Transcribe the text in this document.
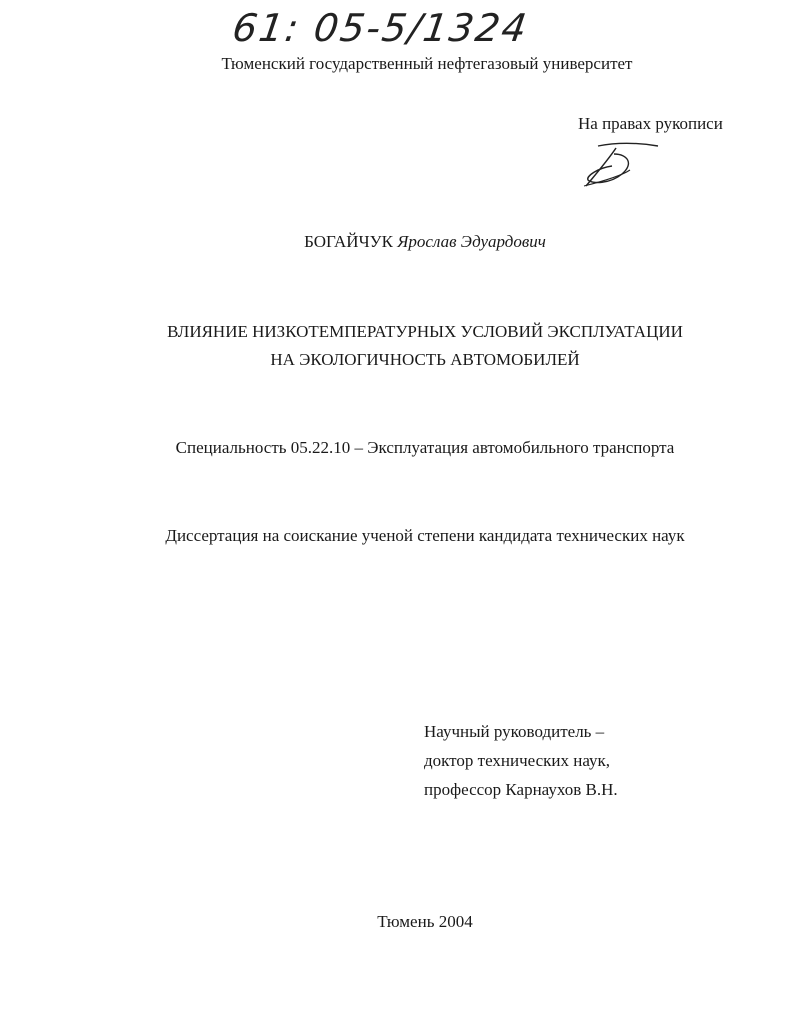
61: 05-5/1324
Тюменский государственный нефтегазовый университет
На правах рукописи
БОГАЙЧУК Ярослав Эдуардович
ВЛИЯНИЕ НИЗКОТЕМПЕРАТУРНЫХ УСЛОВИЙ ЭКСПЛУАТАЦИИ
НА ЭКОЛОГИЧНОСТЬ АВТОМОБИЛЕЙ
Специальность 05.22.10 – Эксплуатация автомобильного транспорта
Диссертация на соискание ученой степени кандидата технических наук
Научный руководитель –
доктор технических наук,
профессор Карнаухов В.Н.
Тюмень 2004
